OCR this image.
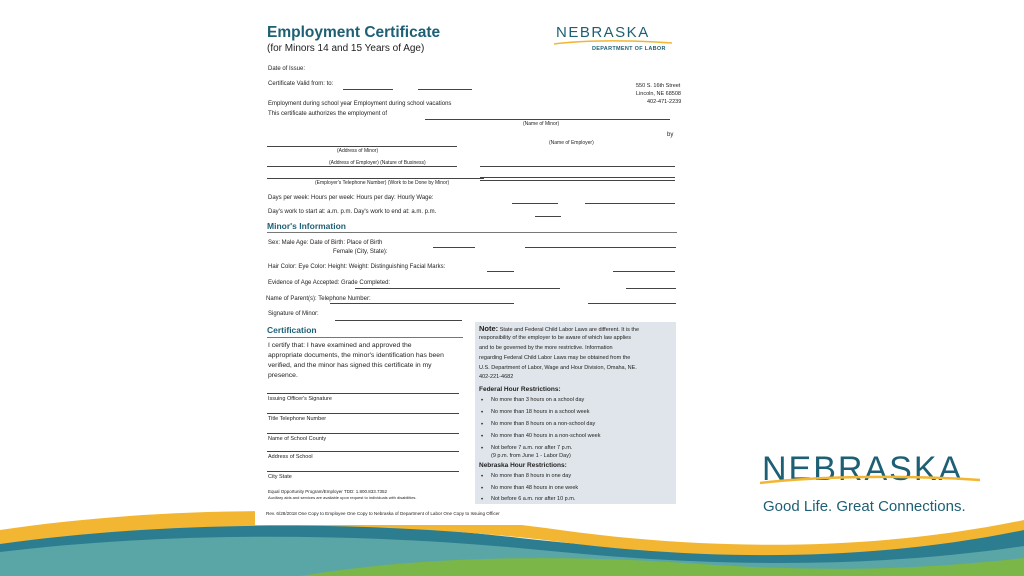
Employment Certificate
(for Minors 14 and 15 Years of Age)
NEBRASKA
DEPARTMENT OF LABOR
550 S. 16th Street
Lincoln, NE 68508
402-471-2239
Date of Issue:
Certificate Valid from: to:
Employment during school year Employment during school vacations
This certificate authorizes the employment of
(Name of Minor)
by
(Address of Minor)
(Name of Employer)
(Address of Employer) (Nature of Business)
(Employer's Telephone Number) (Work to be Done by Minor)
Days per week: Hours per week: Hours per day: Hourly Wage:
Day's work to start at: a.m. p.m. Day's work to end at: a.m. p.m.
Minor's Information
Sex: Male Age: Date of Birth: Place of Birth
Female (City, State):
Hair Color: Eye Color: Height: Weight: Distinguishing Facial Marks:
Evidence of Age Accepted: Grade Completed:
Name of Parent(s): Telephone Number:
Signature of Minor:
Certification
I certify that: I have examined and approved the
appropriate documents, the minor's identification has been
verified, and the minor has signed this certificate in my
presence.
Issuing Officer's Signature
Title Telephone Number
Name of School County
Address of School
City State
Equal Opportunity Program/Employer TDD: 1.800.833.7352
Auxiliary aids and services are available upon request to individuals with disabilities.
Note: State and Federal Child Labor Laws are different. It is the
responsibility of the employer to be aware of which law applies
and to be governed by the more restrictive. Information
regarding Federal Child Labor Laws may be obtained from the
U.S. Department of Labor, Wage and Hour Division, Omaha, NE.
402-221-4682
Federal Hour Restrictions:
• No more than 3 hours on a school day
• No more than 18 hours in a school week
• No more than 8 hours on a non-school day
• No more than 40 hours in a non-school week
• Not before 7 a.m. nor after 7 p.m.
(9 p.m. from June 1 - Labor Day)
Nebraska Hour Restrictions:
• No more than 8 hours in one day
• No more than 48 hours in one week
• Not before 6 a.m. nor after 10 p.m.
Rev. 6/28/2018 One Copy to Employee One Copy to Nebraska of Department of Labor One Copy to Issuing Officer
NEBRASKA
Good Life. Great Connections.
